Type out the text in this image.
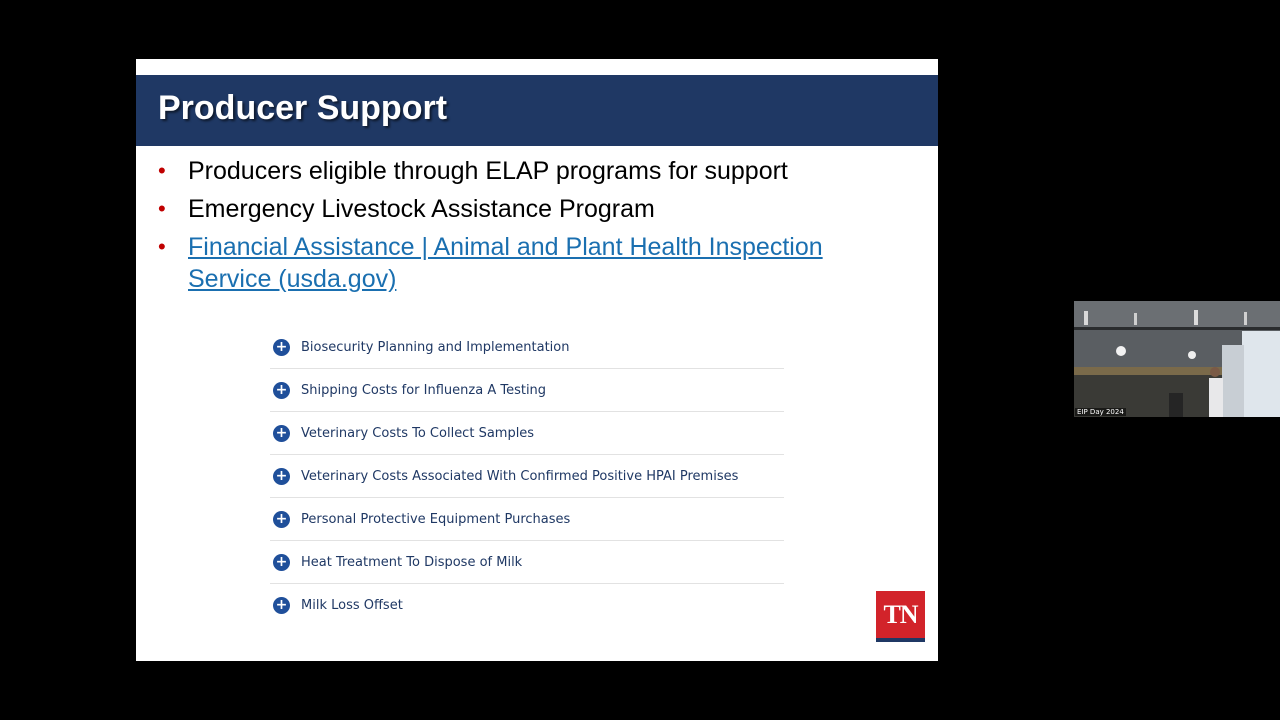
Producer Support
• Producers eligible through ELAP programs for support
• Emergency Livestock Assistance Program
• Financial Assistance | Animal and Plant Health Inspection
Service (usda.gov)
+ Biosecurity Planning and Implementation
+ Shipping Costs for Influenza A Testing
+ Veterinary Costs To Collect Samples
+ Veterinary Costs Associated With Confirmed Positive HPAI Premises
+ Personal Protective Equipment Purchases
+ Heat Treatment To Dispose of Milk
+ Milk Loss Offset	TN
EIP Day 2024
